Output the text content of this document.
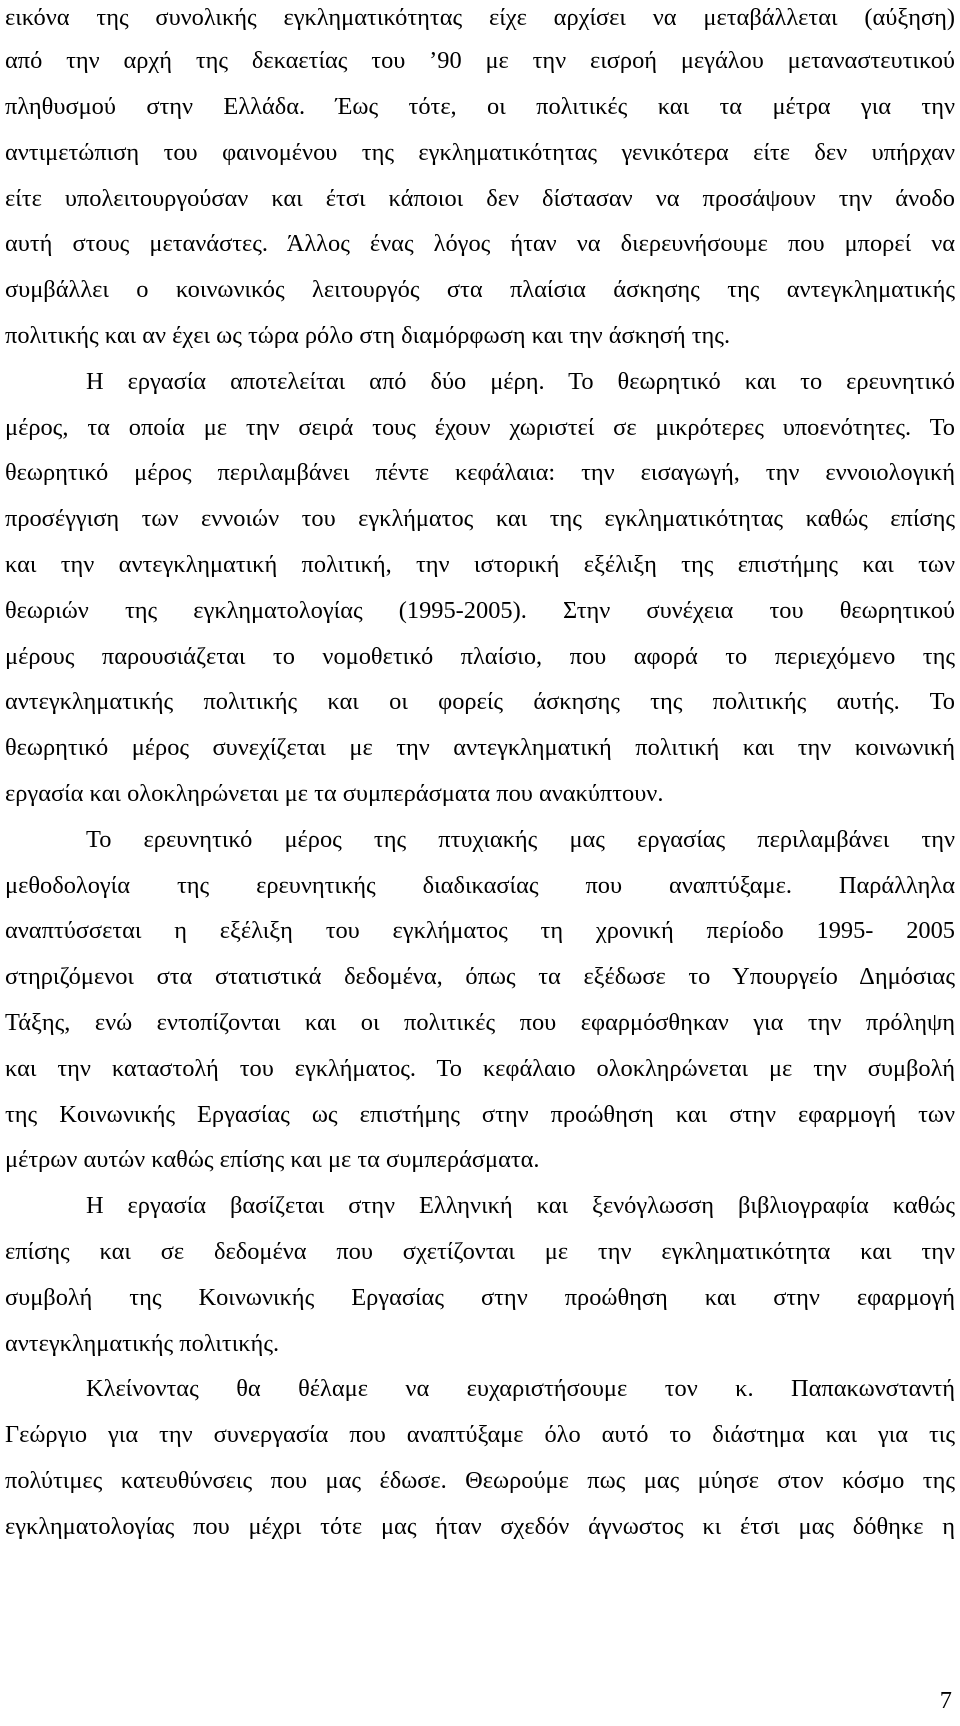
εικόνα της συνολικής εγκληματικότητας είχε αρχίσει να μεταβάλλεται (αύξηση)
από την αρχή της δεκαετίας του ’90 με την εισροή μεγάλου μεταναστευτικού
πληθυσμού στην Ελλάδα. Έως τότε, οι πολιτικές και τα μέτρα για την
αντιμετώπιση του φαινομένου της εγκληματικότητας γενικότερα είτε δεν υπήρχαν
είτε υπολειτουργούσαν και έτσι κάποιοι δεν δίστασαν να προσάψουν την άνοδο
αυτή στους μετανάστες. Άλλος ένας λόγος ήταν να διερευνήσουμε που μπορεί να
συμβάλλει ο κοινωνικός λειτουργός στα πλαίσια άσκησης της αντεγκληματικής
πολιτικής και αν έχει ως τώρα ρόλο στη διαμόρφωση και την άσκησή της.
Η εργασία αποτελείται από δύο μέρη. Το θεωρητικό και το ερευνητικό
μέρος, τα οποία με την σειρά τους έχουν χωριστεί σε μικρότερες υποενότητες. Το
θεωρητικό μέρος περιλαμβάνει πέντε κεφάλαια: την εισαγωγή, την εννοιολογική
προσέγγιση των εννοιών του εγκλήματος και της εγκληματικότητας καθώς επίσης
και την αντεγκληματική πολιτική, την ιστορική εξέλιξη της επιστήμης και των
θεωριών της εγκληματολογίας (1995-2005). Στην συνέχεια του θεωρητικού
μέρους παρουσιάζεται το νομοθετικό πλαίσιο, που αφορά το περιεχόμενο της
αντεγκληματικής πολιτικής και οι φορείς άσκησης της πολιτικής αυτής. Το
θεωρητικό μέρος συνεχίζεται με την αντεγκληματική πολιτική και την κοινωνική
εργασία και ολοκληρώνεται με τα συμπεράσματα που ανακύπτουν.
Το ερευνητικό μέρος της πτυχιακής μας εργασίας περιλαμβάνει την
μεθοδολογία της ερευνητικής διαδικασίας που αναπτύξαμε. Παράλληλα
αναπτύσσεται η εξέλιξη του εγκλήματος τη χρονική περίοδο 1995- 2005
στηριζόμενοι στα στατιστικά δεδομένα, όπως τα εξέδωσε το Υπουργείο Δημόσιας
Τάξης, ενώ εντοπίζονται και οι πολιτικές που εφαρμόσθηκαν για την πρόληψη
και την καταστολή του εγκλήματος. Το κεφάλαιο ολοκληρώνεται με την συμβολή
της Κοινωνικής Εργασίας ως επιστήμης στην προώθηση και στην εφαρμογή των
μέτρων αυτών καθώς επίσης και με τα συμπεράσματα.
Η εργασία βασίζεται στην Ελληνική και ξενόγλωσση βιβλιογραφία καθώς
επίσης και σε δεδομένα που σχετίζονται με την εγκληματικότητα και την
συμβολή της Κοινωνικής Εργασίας στην προώθηση και στην εφαρμογή
αντεγκληματικής πολιτικής.
Κλείνοντας θα θέλαμε να ευχαριστήσουμε τον κ. Παπακωνσταντή
Γεώργιο για την συνεργασία που αναπτύξαμε όλο αυτό το διάστημα και για τις
πολύτιμες κατευθύνσεις που μας έδωσε. Θεωρούμε πως μας μύησε στον κόσμο της
εγκληματολογίας που μέχρι τότε μας ήταν σχεδόν άγνωστος κι έτσι μας δόθηκε η
7
